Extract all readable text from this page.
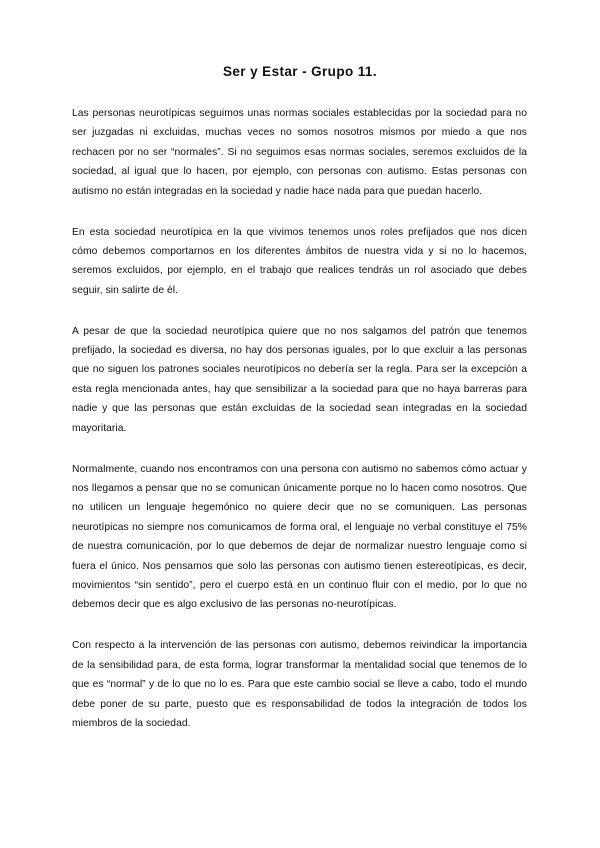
Ser y Estar - Grupo 11.

Las personas neurotípicas seguimos unas normas sociales establecidas por la sociedad para no ser juzgadas ni excluidas, muchas veces no somos nosotros mismos por miedo a que nos rechacen por no ser “normales”. Si no seguimos esas normas sociales, seremos excluidos de la sociedad, al igual que lo hacen, por ejemplo, con personas con autismo. Estas personas con autismo no están integradas en la sociedad y nadie hace nada para que puedan hacerlo.

En esta sociedad neurotípica en la que vivimos tenemos unos roles prefijados que nos dicen cómo debemos comportarnos en los diferentes ámbitos de nuestra vida y si no lo hacemos, seremos excluidos, por ejemplo, en el trabajo que realices tendrás un rol asociado que debes seguir, sin salirte de él.

A pesar de que la sociedad neurotípica quiere que no nos salgamos del patrón que tenemos prefijado, la sociedad es diversa, no hay dos personas iguales, por lo que excluir a las personas que no siguen los patrones sociales neurotípicos no debería ser la regla. Para ser la excepción a esta regla mencionada antes, hay que sensibilizar a la sociedad para que no haya barreras para nadie y que las personas que están excluidas de la sociedad sean integradas en la sociedad mayoritaria.

Normalmente, cuando nos encontramos con una persona con autismo no sabemos cómo actuar y nos llegamos a pensar que no se comunican únicamente porque no lo hacen como nosotros. Que no utilicen un lenguaje hegemónico no quiere decir que no se comuniquen. Las personas neurotípicas no siempre nos comunicamos de forma oral, el lenguaje no verbal constituye el 75% de nuestra comunicación, por lo que debemos de dejar de normalizar nuestro lenguaje como si fuera el único. Nos pensamos que solo las personas con autismo tienen estereotípicas, es decir, movimientos “sin sentido”, pero el cuerpo está en un continuo fluir con el medio, por lo que no debemos decir que es algo exclusivo de las personas no-neurotípicas.

Con respecto a la intervención de las personas con autismo, debemos reivindicar la importancia de la sensibilidad para, de esta forma, lograr transformar la mentalidad social que tenemos de lo que es “normal” y de lo que no lo es. Para que este cambio social se lleve a cabo, todo el mundo debe poner de su parte, puesto que es responsabilidad de todos la integración de todos los miembros de la sociedad.
